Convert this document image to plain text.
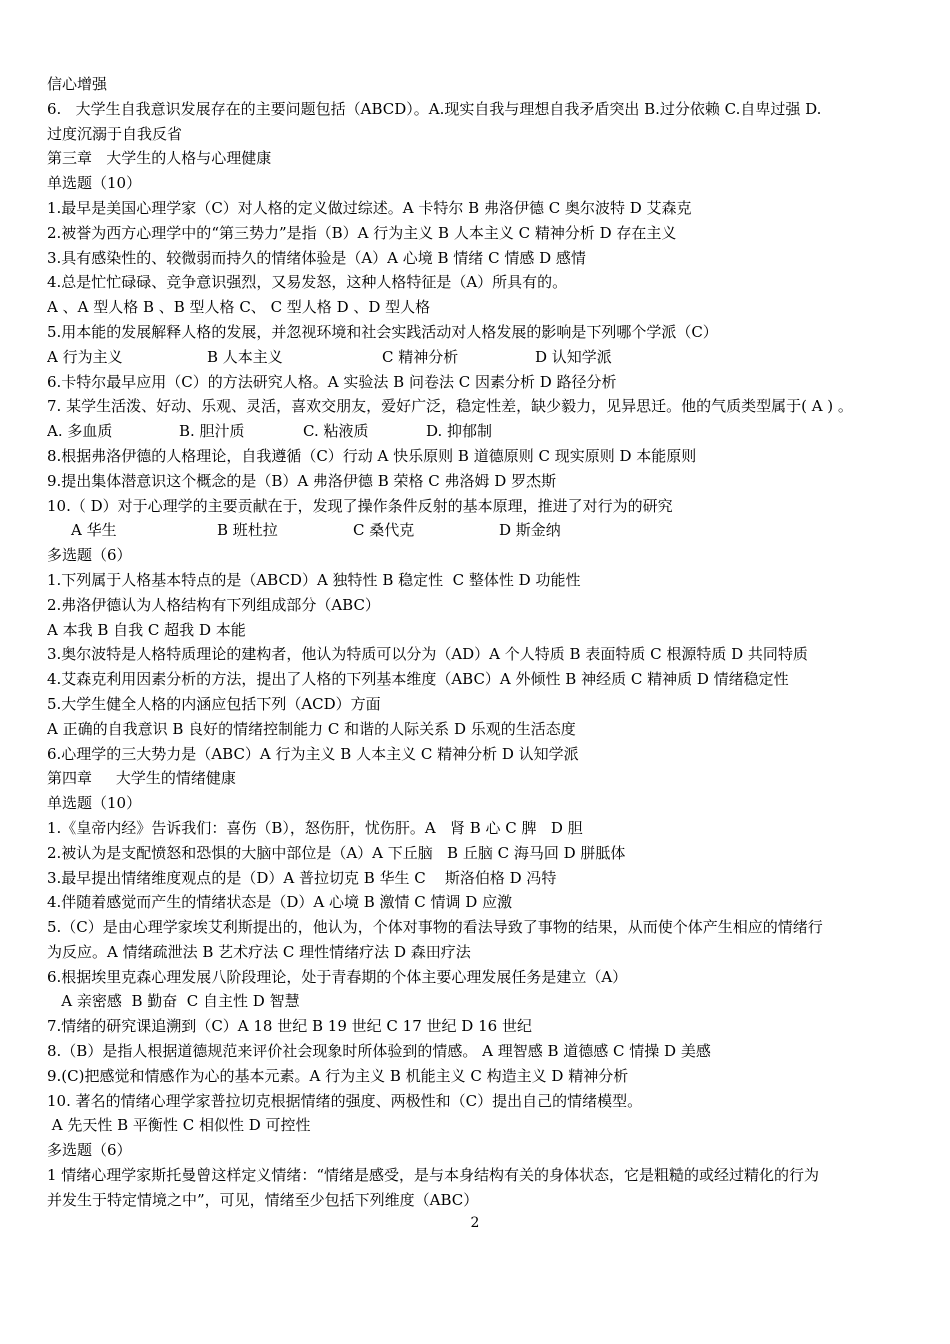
信心增强
6.   大学生自我意识发展存在的主要问题包括（ABCD）。A.现实自我与理想自我矛盾突出 B.过分依赖 C.自卑过强 D.
过度沉溺于自我反省
第三章   大学生的人格与心理健康
单选题（10）
1.最早是美国心理学家（C）对人格的定义做过综述。A 卡特尔 B 弗洛伊德 C 奥尔波特 D 艾森克
2.被誉为西方心理学中的“第三势力”是指（B）A 行为主义 B 人本主义 C 精神分析 D 存在主义
3.具有感染性的、较微弱而持久的情绪体验是（A）A 心境 B 情绪 C 情感 D 感情
4.总是忙忙碌碌、竞争意识强烈，又易发怒，这种人格特征是（A）所具有的。
A 、A 型人格 B 、B 型人格 C、 C 型人格 D 、D 型人格
5.用本能的发展解释人格的发展，并忽视环境和社会实践活动对人格发展的影响是下列哪个学派（C）
A 行为主义	B 人本主义	C 精神分析	D 认知学派
6.卡特尔最早应用（C）的方法研究人格。A 实验法 B 问卷法 C 因素分析 D 路径分析
7. 某学生活泼、好动、乐观、灵活，喜欢交朋友，爱好广泛，稳定性差，缺少毅力，见异思迁。他的气质类型属于( A ) 。
A. 多血质	B. 胆汁质	C. 粘液质	D. 抑郁制
8.根据弗洛伊德的人格理论，自我遵循（C）行动 A 快乐原则 B 道德原则 C 现实原则 D 本能原则
9.提出集体潜意识这个概念的是（B）A 弗洛伊德 B 荣格 C 弗洛姆 D 罗杰斯
10.（ D）对于心理学的主要贡献在于，发现了操作条件反射的基本原理，推进了对行为的研究
A 华生	B 班杜拉	C 桑代克	D 斯金纳
多选题（6）
1.下列属于人格基本特点的是（ABCD）A 独特性 B 稳定性  C 整体性 D 功能性
2.弗洛伊德认为人格结构有下列组成部分（ABC）
A 本我 B 自我 C 超我 D 本能
3.奥尔波特是人格特质理论的建构者，他认为特质可以分为（AD）A 个人特质 B 表面特质 C 根源特质 D 共同特质
4.艾森克利用因素分析的方法，提出了人格的下列基本维度（ABC）A 外倾性 B 神经质 C 精神质 D 情绪稳定性
5.大学生健全人格的内涵应包括下列（ACD）方面
A 正确的自我意识 B 良好的情绪控制能力 C 和谐的人际关系 D 乐观的生活态度
6.心理学的三大势力是（ABC）A 行为主义 B 人本主义 C 精神分析 D 认知学派
第四章     大学生的情绪健康
单选题（10）
1.《皇帝内经》告诉我们：喜伤（B），怒伤肝，忧伤肝。A   肾 B 心 C 脾   D 胆
2.被认为是支配愤怒和恐惧的大脑中部位是（A）A 下丘脑   B 丘脑 C 海马回 D 胼胝体
3.最早提出情绪维度观点的是（D）A 普拉切克 B 华生 C    斯洛伯格 D 冯特
4.伴随着感觉而产生的情绪状态是（D）A 心境 B 激情 C 情调 D 应激
5.（C）是由心理学家埃艾利斯提出的，他认为，个体对事物的看法导致了事物的结果，从而使个体产生相应的情绪行
为反应。A 情绪疏泄法 B 艺术疗法 C 理性情绪疗法 D 森田疗法
6.根据埃里克森心理发展八阶段理论，处于青春期的个体主要心理发展任务是建立（A）
A 亲密感  B 勤奋  C 自主性 D 智慧
7.情绪的研究课追溯到（C）A 18 世纪 B 19 世纪 C 17 世纪 D 16 世纪
8.（B）是指人根据道德规范来评价社会现象时所体验到的情感。 A 理智感 B 道德感 C 情操 D 美感
9.(C)把感觉和情感作为心的基本元素。A 行为主义 B 机能主义 C 构造主义 D 精神分析
10. 著名的情绪心理学家普拉切克根据情绪的强度、两极性和（C）提出自己的情绪模型。
A 先天性 B 平衡性 C 相似性 D 可控性
多选题（6）
1 情绪心理学家斯托曼曾这样定义情绪：“情绪是感受，是与本身结构有关的身体状态，它是粗糙的或经过精化的行为
并发生于特定情境之中”，可见，情绪至少包括下列维度（ABC）
2
